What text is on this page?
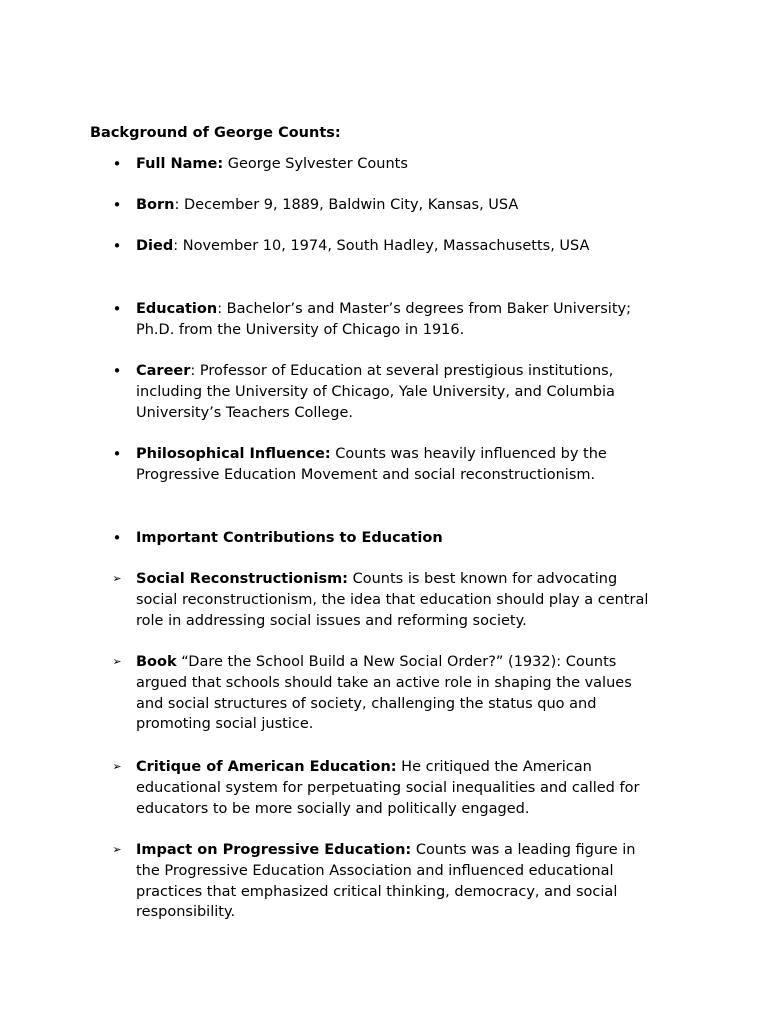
Background of George Counts:
• Full Name: George Sylvester Counts
• Born: December 9, 1889, Baldwin City, Kansas, USA
• Died: November 10, 1974, South Hadley, Massachusetts, USA
• Education: Bachelor’s and Master’s degrees from Baker University;
Ph.D. from the University of Chicago in 1916.
• Career: Professor of Education at several prestigious institutions,
including the University of Chicago, Yale University, and Columbia
University’s Teachers College.
• Philosophical Influence: Counts was heavily influenced by the
Progressive Education Movement and social reconstructionism.
• Important Contributions to Education
➢ Social Reconstructionism: Counts is best known for advocating
social reconstructionism, the idea that education should play a central
role in addressing social issues and reforming society.
➢ Book “Dare the School Build a New Social Order?” (1932): Counts
argued that schools should take an active role in shaping the values
and social structures of society, challenging the status quo and
promoting social justice.
➢ Critique of American Education: He critiqued the American
educational system for perpetuating social inequalities and called for
educators to be more socially and politically engaged.
➢ Impact on Progressive Education: Counts was a leading figure in
the Progressive Education Association and influenced educational
practices that emphasized critical thinking, democracy, and social
responsibility.
